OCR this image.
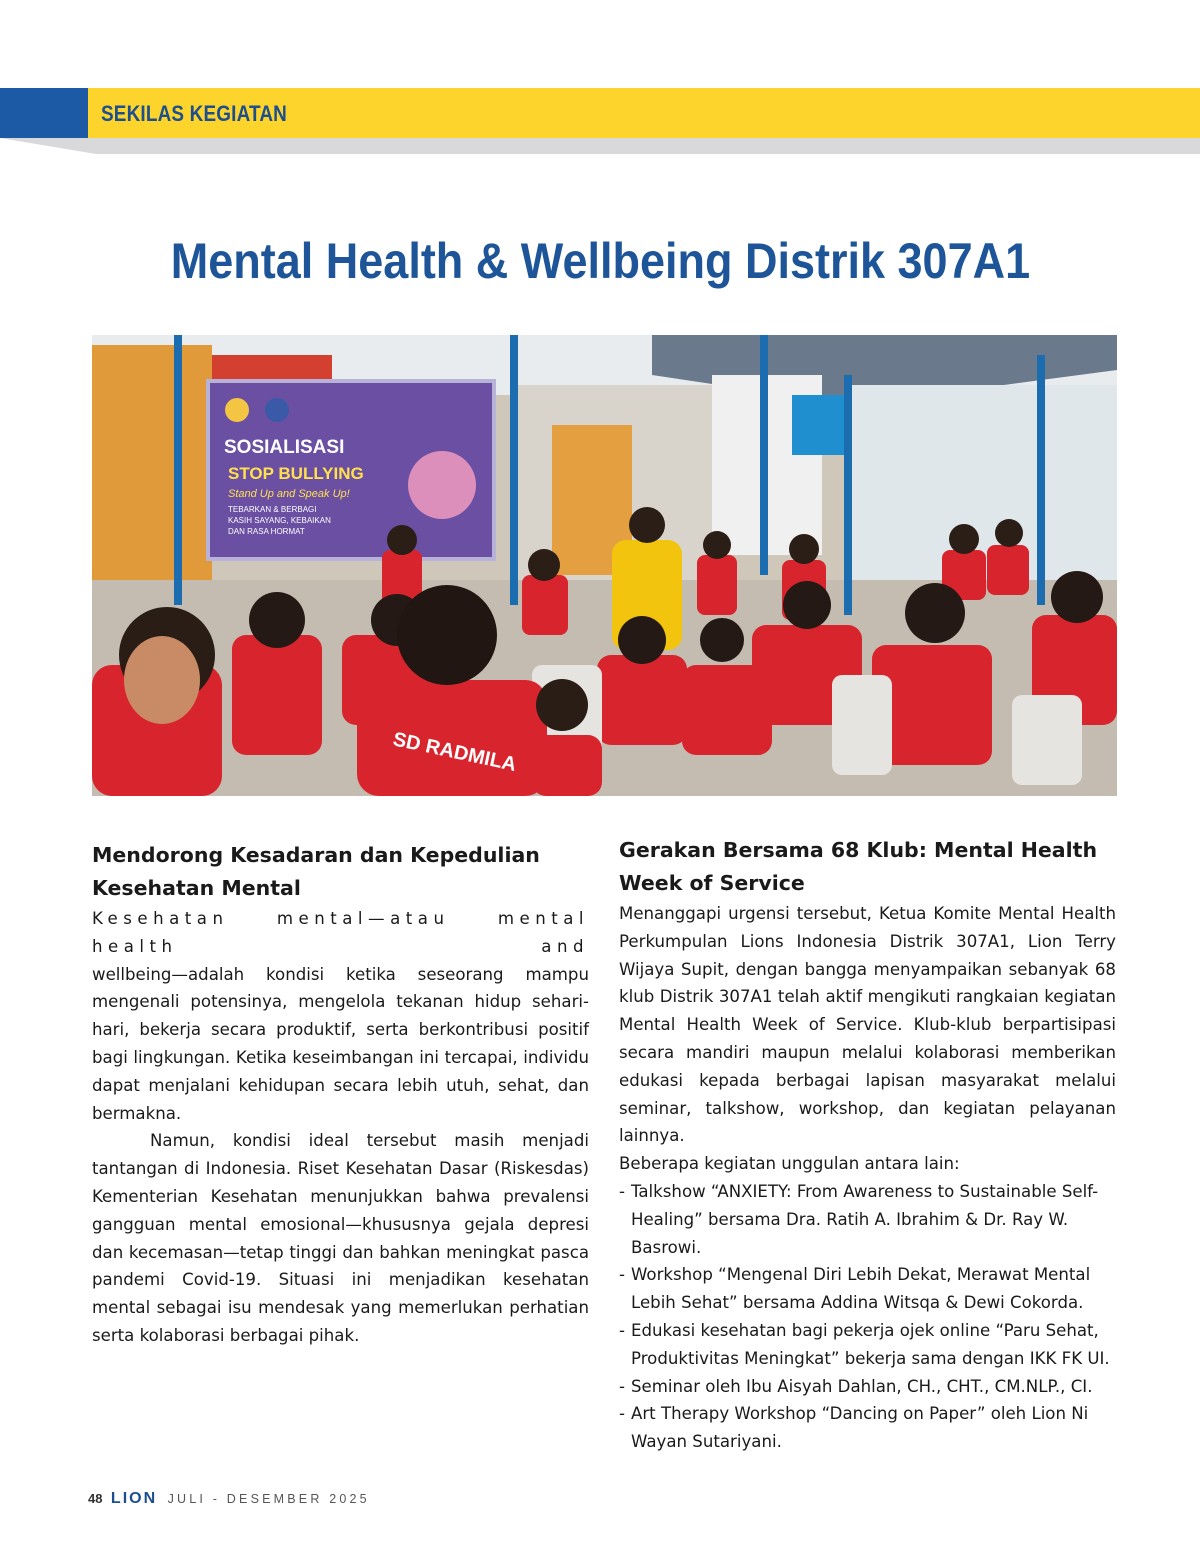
SEKILAS KEGIATAN
Mental Health & Wellbeing Distrik 307A1
SOSIALISASI
STOP BULLYING
Stand Up and Speak Up!
TEBARKAN & BERBAGI
KASIH SAYANG, KEBAIKAN
DAN RASA HORMAT
SD RADMILA
Mendorong Kesadaran dan Kepedulian Kesehatan Mental

Kesehatan mental—atau mental health and

wellbeing—adalah kondisi ketika seseorang mampu mengenali potensinya, mengelola tekanan hidup sehari-hari, bekerja secara produktif, serta berkontribusi positif bagi lingkungan. Ketika keseimbangan ini tercapai, individu dapat menjalani kehidupan secara lebih utuh, sehat, dan bermakna.

Namun, kondisi ideal tersebut masih menjadi tantangan di Indonesia. Riset Kesehatan Dasar (Riskesdas) Kementerian Kesehatan menunjukkan bahwa prevalensi gangguan mental emosional—khususnya gejala depresi dan kecemasan—tetap tinggi dan bahkan meningkat pasca pandemi Covid-19. Situasi ini menjadikan kesehatan mental sebagai isu mendesak yang memerlukan perhatian serta kolaborasi berbagai pihak.

Gerakan Bersama 68 Klub: Mental Health Week of Service

Menanggapi urgensi tersebut, Ketua Komite Mental Health Perkumpulan Lions Indonesia Distrik 307A1, Lion Terry Wijaya Supit, dengan bangga menyampaikan sebanyak 68 klub Distrik 307A1 telah aktif mengikuti rangkaian kegiatan Mental Health Week of Service. Klub-klub berpartisipasi secara mandiri maupun melalui kolaborasi memberikan edukasi kepada berbagai lapisan masyarakat melalui seminar, talkshow, workshop, dan kegiatan pelayanan lainnya.

Beberapa kegiatan unggulan antara lain:

- Talkshow “ANXIETY: From Awareness to Sustainable Self-Healing” bersama Dra. Ratih A. Ibrahim & Dr. Ray W. Basrowi.
- Workshop “Mengenal Diri Lebih Dekat, Merawat Mental Lebih Sehat” bersama Addina Witsqa & Dewi Cokorda.
- Edukasi kesehatan bagi pekerja ojek online “Paru Sehat, Produktivitas Meningkat” bekerja sama dengan IKK FK UI.
- Seminar oleh Ibu Aisyah Dahlan, CH., CHT., CM.NLP., CI.
- Art Therapy Workshop “Dancing on Paper” oleh Lion Ni Wayan Sutariyani.
48 LION JULI - DESEMBER 2025
